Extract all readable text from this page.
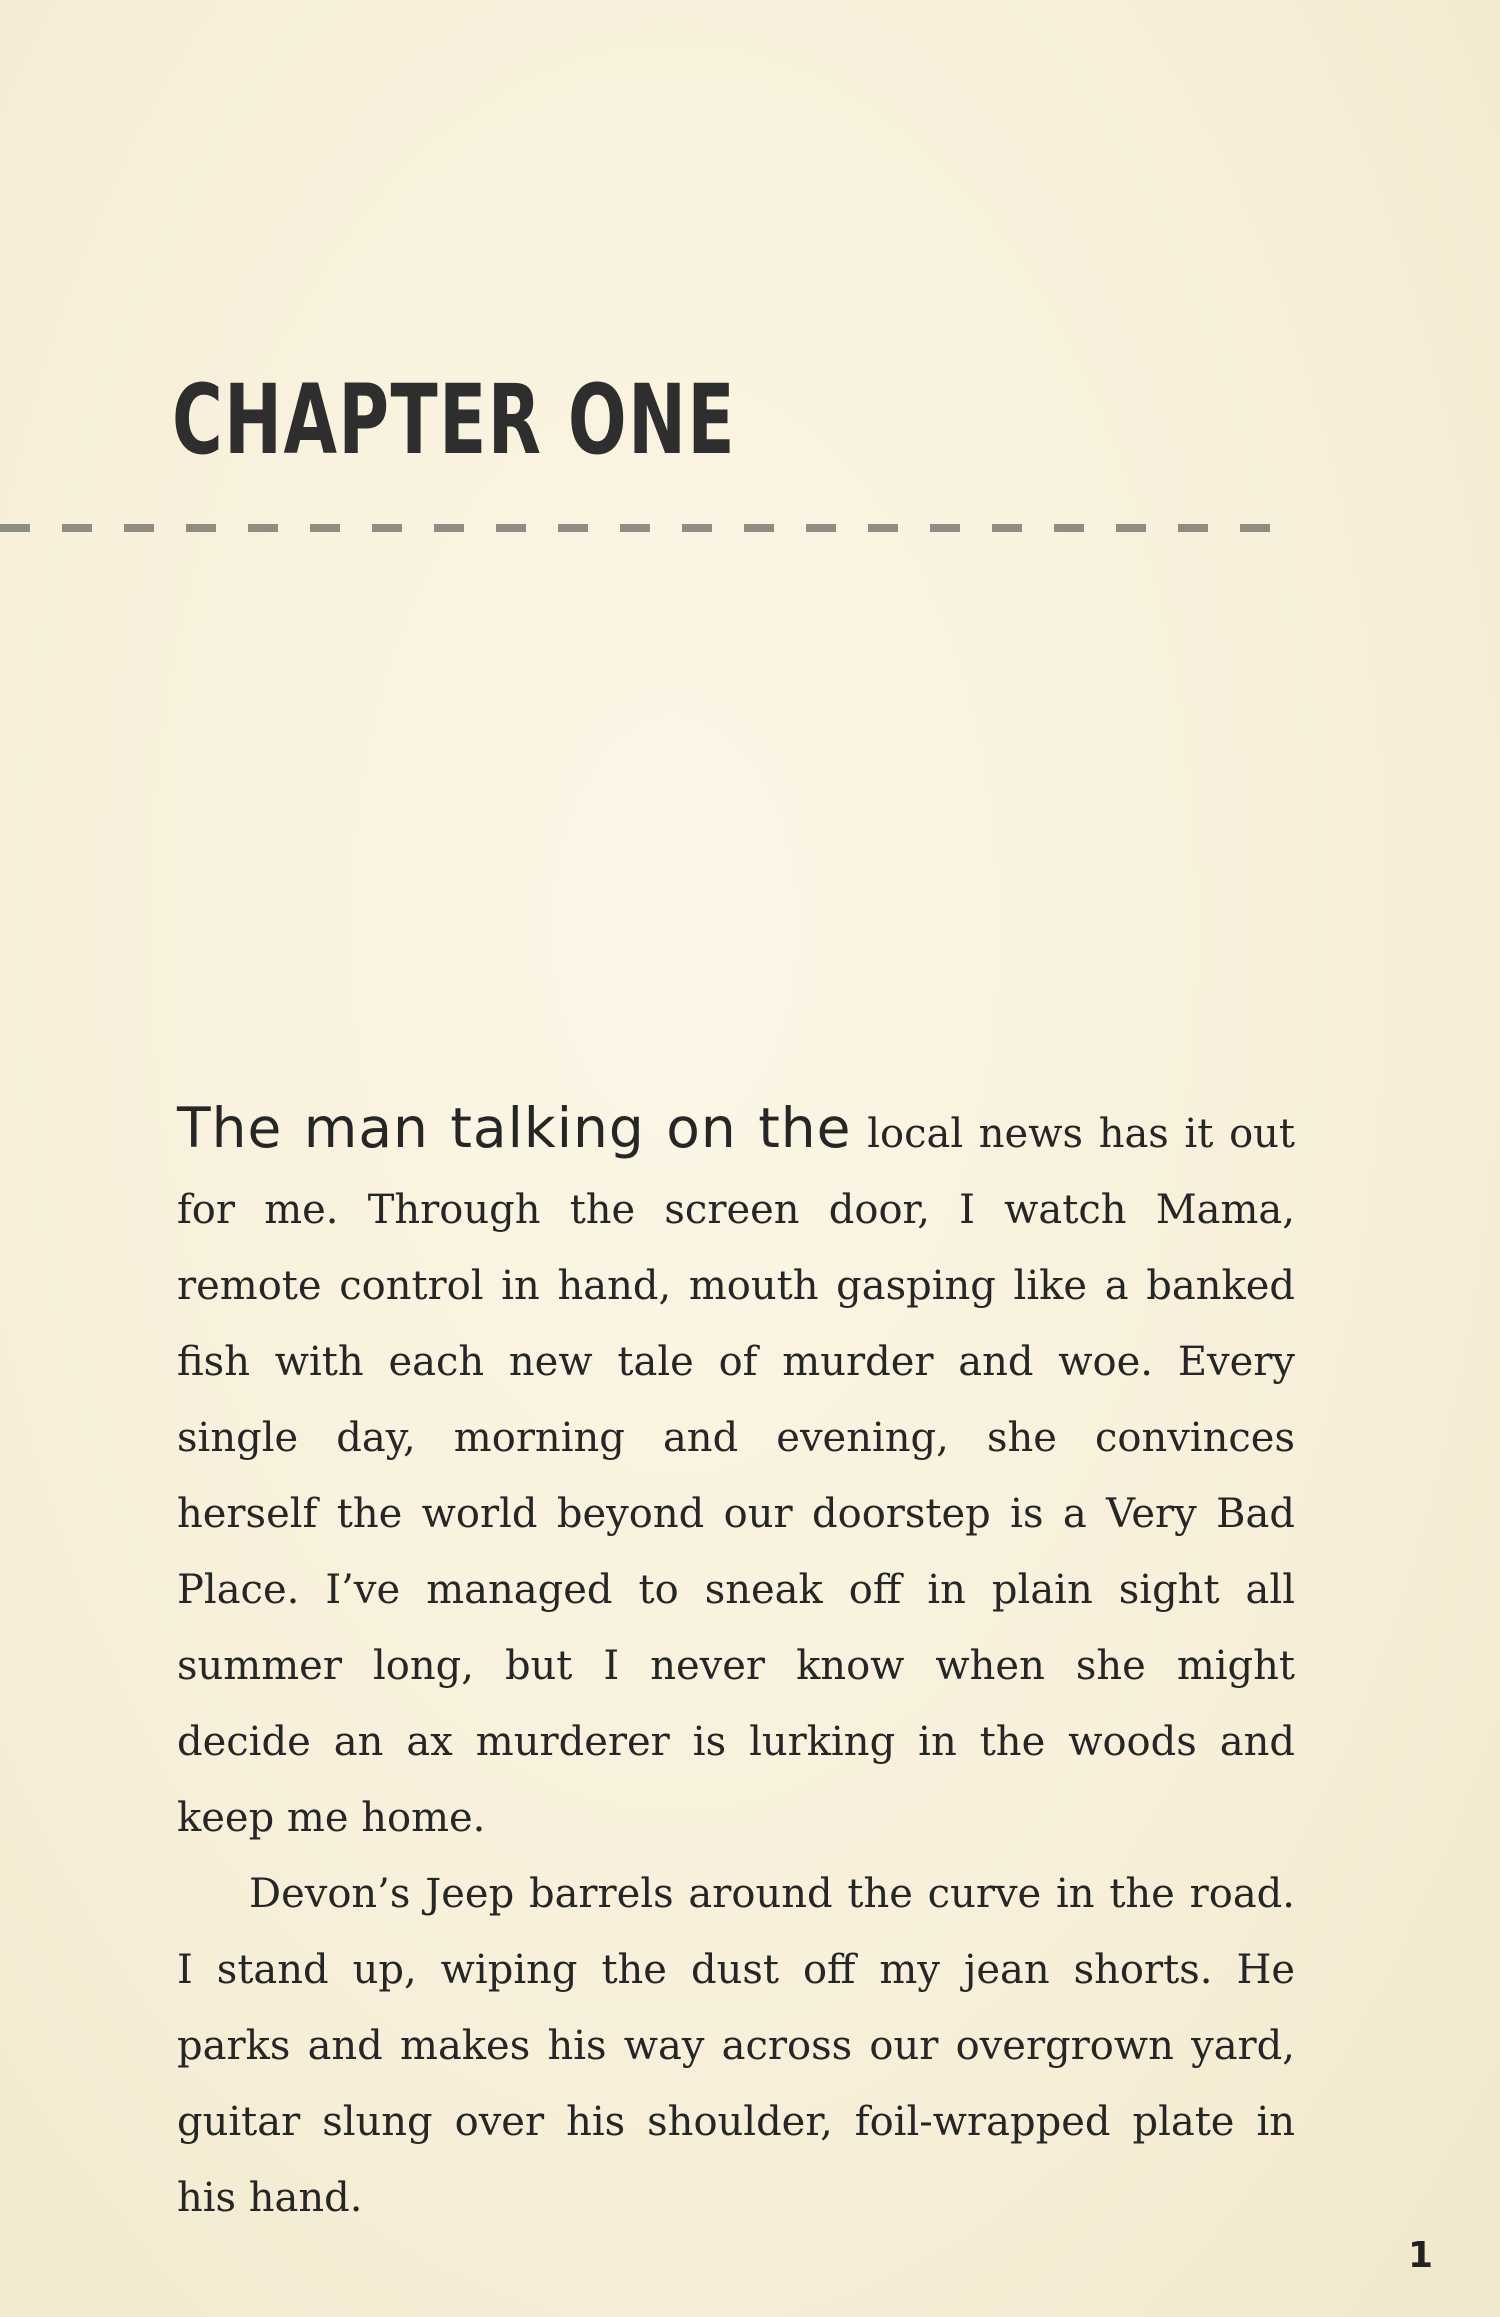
CHAPTER ONE

The man talking on the local news has it out for me. Through the screen door, I watch Mama, remote control in hand, mouth gasping like a banked fish with each new tale of murder and woe. Every single day, morning and evening, she convinces herself the world beyond our doorstep is a Very Bad Place. I’ve managed to sneak off in plain sight all summer long, but I never know when she might decide an ax murderer is lurking in the woods and keep me home.

Devon’s Jeep barrels around the curve in the road. I stand up, wiping the dust off my jean shorts. He parks and makes his way across our overgrown yard, guitar slung over his shoulder, foil-wrapped plate in his hand.

1
